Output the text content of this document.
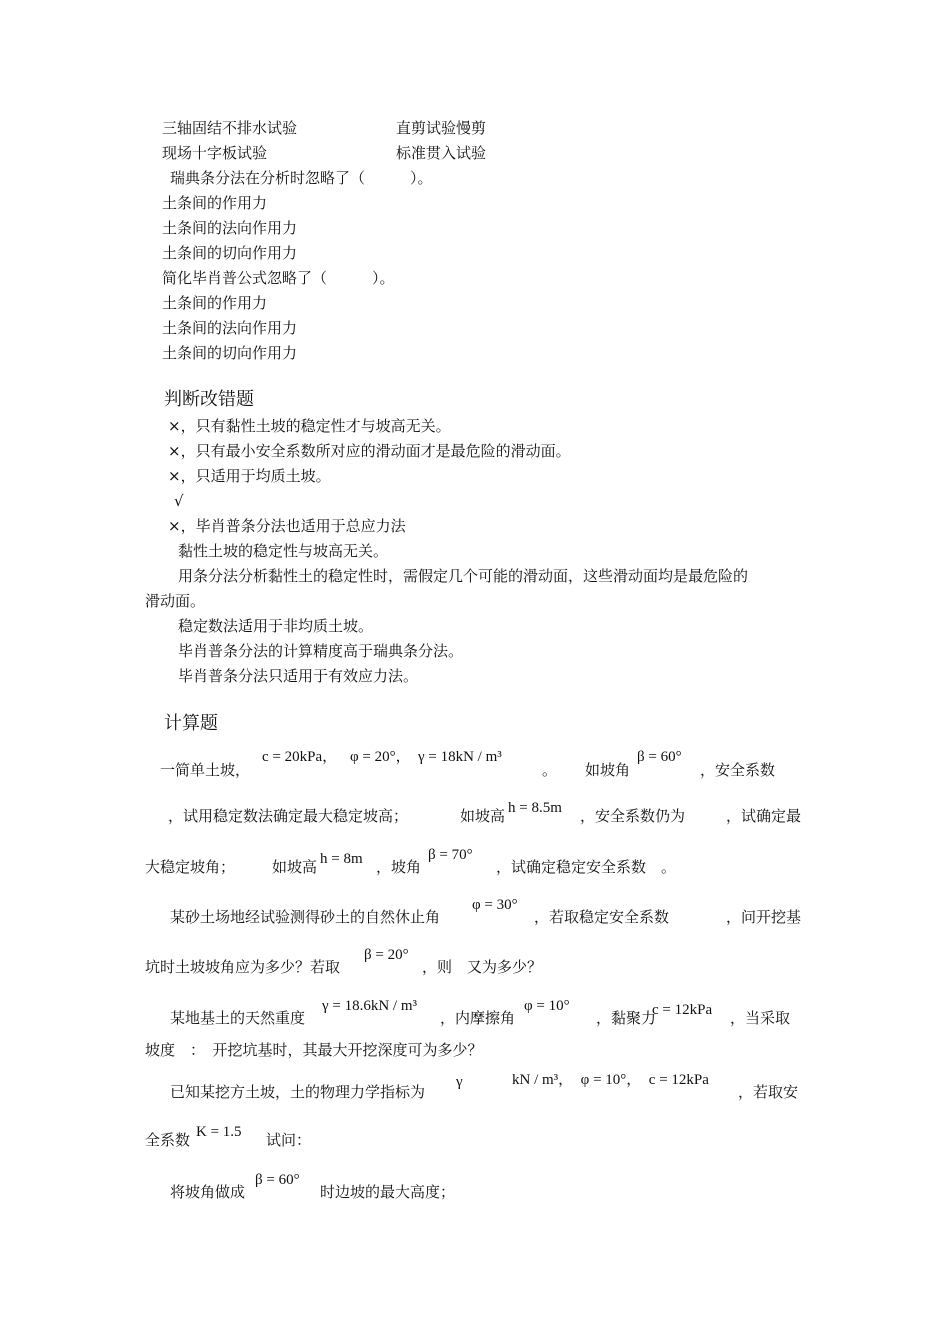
三轴固结不排水试验	直剪试验慢剪
现场十字板试验	标准贯入试验
瑞典条分法在分析时忽略了（　　　）。
土条间的作用力
土条间的法向作用力
土条间的切向作用力
简化毕肖普公式忽略了（　　　）。
土条间的作用力
土条间的法向作用力
土条间的切向作用力
判断改错题
×，只有黏性土坡的稳定性才与坡高无关。
×，只有最小安全系数所对应的滑动面才是最危险的滑动面。
×，只适用于均质土坡。
√
×，毕肖普条分法也适用于总应力法
黏性土坡的稳定性与坡高无关。
用条分法分析黏性土的稳定性时，需假定几个可能的滑动面，这些滑动面均是最危险的
滑动面。
稳定数法适用于非均质土坡。
毕肖普条分法的计算精度高于瑞典条分法。
毕肖普条分法只适用于有效应力法。
计算题
一简单土坡，
c = 20kPa， φ = 20°， γ = 18kN / m³
。 如坡角
β = 60°
，安全系数
，试用稳定数法确定最大稳定坡高；	如坡高 h = 8.5m ，安全系数仍为	，试确定最
大稳定坡角； 如坡高 h = 8m ，坡角
β = 70°
，试确定稳定安全系数　。
某砂土场地经试验测得砂土的自然休止角
φ = 30°
，若取稳定安全系数	，问开挖基
坑时土坡坡角应为多少？若取
β = 20°
，则　又为多少？
某地基土的天然重度
γ = 18.6kN / m³
，内摩擦角
φ = 10°
，黏聚力
c = 12kPa ，当采取
坡度　：　开挖坑基时，其最大开挖深度可为多少？
已知某挖方土坡，土的物理力学指标为
γ	kN / m³，　φ = 10°，　c = 12kPa
，若取安
全系数 K = 1.5 试问：
将坡角做成
β = 60°
时边坡的最大高度；
